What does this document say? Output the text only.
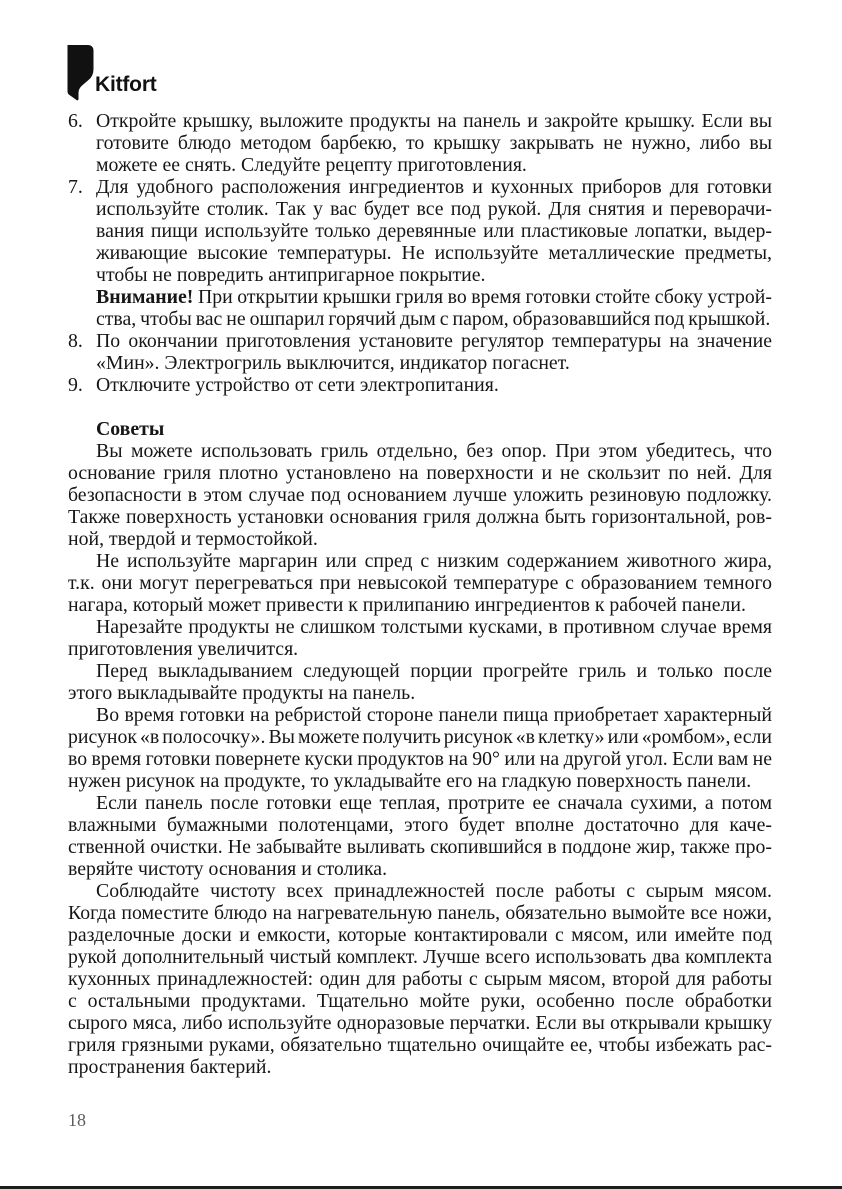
Kitfort
6. Откройте крышку, выложите продукты на панель и закройте крышку. Если вы
готовите блюдо методом барбекю, то крышку закрывать не нужно, либо вы
можете ее снять. Следуйте рецепту приготовления.
7. Для удобного расположения ингредиентов и кухонных приборов для готовки
используйте столик. Так у вас будет все под рукой. Для снятия и переворачи-
вания пищи используйте только деревянные или пластиковые лопатки, выдер-
живающие высокие температуры. Не используйте металлические предметы,
чтобы не повредить антипригарное покрытие.
Внимание! При открытии крышки гриля во время готовки стойте сбоку устрой-
ства, чтобы вас не ошпарил горячий дым с паром, образовавшийся под крышкой.
8. По окончании приготовления установите регулятор температуры на значение
«Мин». Электрогриль выключится, индикатор погаснет.
9. Отключите устройство от сети электропитания.
Советы
Вы можете использовать гриль отдельно, без опор. При этом убедитесь, что
основание гриля плотно установлено на поверхности и не скользит по ней. Для
безопасности в этом случае под основанием лучше уложить резиновую подложку.
Также поверхность установки основания гриля должна быть горизонтальной, ров-
ной, твердой и термостойкой.
Не используйте маргарин или спред с низким содержанием животного жира,
т.к. они могут перегреваться при невысокой температуре с образованием темного
нагара, который может привести к прилипанию ингредиентов к рабочей панели.
Нарезайте продукты не слишком толстыми кусками, в противном случае время
приготовления увеличится.
Перед выкладыванием следующей порции прогрейте гриль и только после
этого выкладывайте продукты на панель.
Во время готовки на ребристой стороне панели пища приобретает характерный
рисунок «в полосочку». Вы можете получить рисунок «в клетку» или «ромбом», если
во время готовки повернете куски продуктов на 90° или на другой угол. Если вам не
нужен рисунок на продукте, то укладывайте его на гладкую поверхность панели.
Если панель после готовки еще теплая, протрите ее сначала сухими, а потом
влажными бумажными полотенцами, этого будет вполне достаточно для каче-
ственной очистки. Не забывайте выливать скопившийся в поддоне жир, также про-
веряйте чистоту основания и столика.
Соблюдайте чистоту всех принадлежностей после работы с сырым мясом.
Когда поместите блюдо на нагревательную панель, обязательно вымойте все ножи,
разделочные доски и емкости, которые контактировали с мясом, или имейте под
рукой дополнительный чистый комплект. Лучше всего использовать два комплекта
кухонных принадлежностей: один для работы с сырым мясом, второй для работы
с остальными продуктами. Тщательно мойте руки, особенно после обработки
сырого мяса, либо используйте одноразовые перчатки. Если вы открывали крышку
гриля грязными руками, обязательно тщательно очищайте ее, чтобы избежать рас-
пространения бактерий.
18
